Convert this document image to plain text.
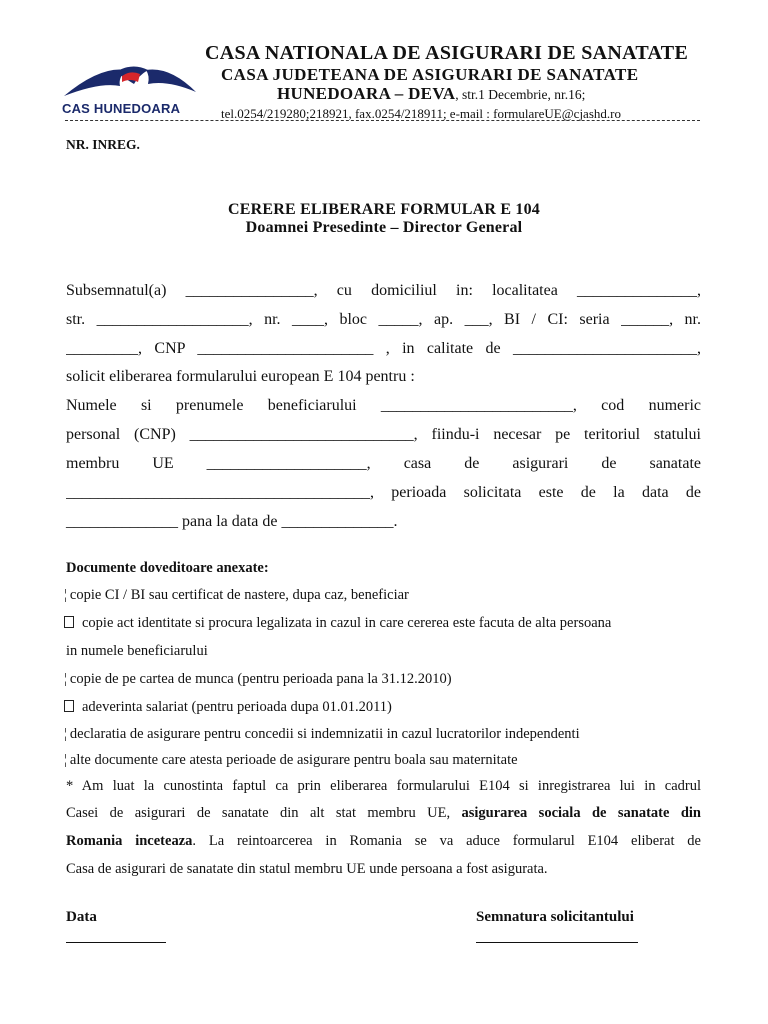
CAS HUNEDOARA
CASA NATIONALA DE ASIGURARI DE SANATATE
CASA JUDETEANA DE ASIGURARI DE SANATATE
HUNEDOARA – DEVA, str.1 Decembrie, nr.16;
tel.0254/219280;218921, fax.0254/218911; e-mail : formulareUE@cjashd.ro
NR. INREG.
CERERE ELIBERARE FORMULAR E 104
Doamnei Presedinte – Director General
Subsemnatul(a) ________________, cu domiciliul in: localitatea _______________,
str. ___________________, nr. ____, bloc _____, ap. ___, BI / CI: seria ______, nr.
_________, CNP ______________________ , in calitate de _______________________,
solicit eliberarea formularului european E 104 pentru :
Numele si prenumele beneficiarului ________________________, cod numeric
personal (CNP) ____________________________, fiindu-i necesar pe teritoriul statului
membru UE ____________________, casa de asigurari de sanatate
______________________________________, perioada solicitata este de la data de
______________ pana la data de ______________.
Documente doveditoare anexate:
¦ copie CI / BI sau certificat de nastere, dupa caz, beneficiar
copie act identitate si procura legalizata in cazul in care cererea este facuta de alta persoana
in numele beneficiarului
¦ copie de pe cartea de munca (pentru perioada pana la 31.12.2010)
adeverinta salariat (pentru perioada dupa 01.01.2011)
¦ declaratia de asigurare pentru concedii si indemnizatii in cazul lucratorilor independenti
¦ alte documente care atesta perioade de asigurare pentru boala sau maternitate
* Am luat la cunostinta faptul ca prin eliberarea formularului E104 si inregistrarea lui in cadrul
Casei de asigurari de sanatate din alt stat membru UE, asigurarea sociala de sanatate din
Romania inceteaza. La reintoarcerea in Romania se va aduce formularul E104 eliberat de
Casa de asigurari de sanatate din statul membru UE unde persoana a fost asigurata.
Data	Semnatura solicitantului
